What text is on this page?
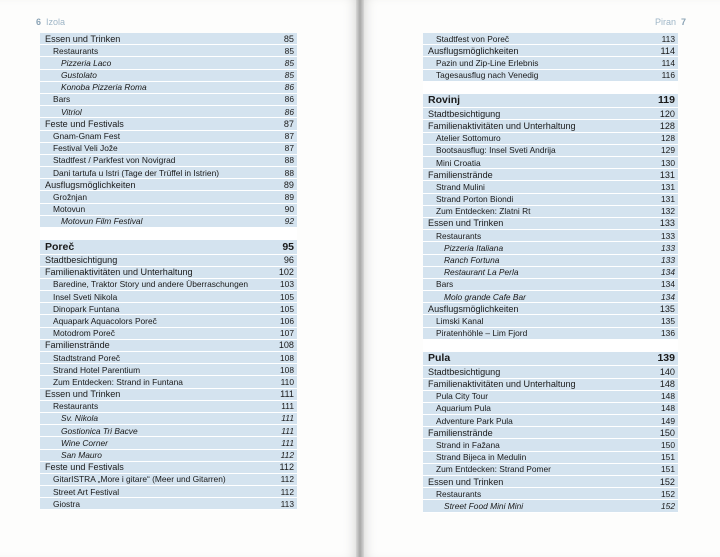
6 Izola	Piran 7
Essen und Trinken	85
Restaurants	85
Pizzeria Laco	85
Gustolato	85
Konoba Pizzeria Roma	86
Bars	86
Vitriol	86
Feste und Festivals	87
Gnam-Gnam Fest	87
Festival Veli Jože	87
Stadtfest / Parkfest von Novigrad	88
Dani tartufa u Istri (Tage der Trüffel in Istrien)	88
Ausflugsmöglichkeiten	89
Grožnjan	89
Motovun	90
Motovun Film Festival	92
Poreč	95
Stadtbesichtigung	96
Familienaktivitäten und Unterhaltung	102
Baredine, Traktor Story und andere Überraschungen	103
Insel Sveti Nikola	105
Dinopark Funtana	105
Aquapark Aquacolors Poreč	106
Motodrom Poreč	107
Familienstrände	108
Stadtstrand Poreč	108
Strand Hotel Parentium	108
Zum Entdecken: Strand in Funtana	110
Essen und Trinken	111
Restaurants	111
Sv. Nikola	111
Gostionica Tri Bacve	111
Wine Corner	111
San Mauro	112
Feste und Festivals	112
GitarISTRA „More i gitare“ (Meer und Gitarren)	112
Street Art Festival	112
Giostra	113
Stadtfest von Poreč	113
Ausflugsmöglichkeiten	114
Pazin und Zip-Line Erlebnis	114
Tagesausflug nach Venedig	116
Rovinj	119
Stadtbesichtigung	120
Familienaktivitäten und Unterhaltung	128
Atelier Sottomuro	128
Bootsausflug: Insel Sveti Andrija	129
Mini Croatia	130
Familienstrände	131
Strand Mulini	131
Strand Porton Biondi	131
Zum Entdecken: Zlatni Rt	132
Essen und Trinken	133
Restaurants	133
Pizzeria Italiana	133
Ranch Fortuna	133
Restaurant La Perla	134
Bars	134
Molo grande Cafe Bar	134
Ausflugsmöglichkeiten	135
Limski Kanal	135
Piratenhöhle – Lim Fjord	136
Pula	139
Stadtbesichtigung	140
Familienaktivitäten und Unterhaltung	148
Pula City Tour	148
Aquarium Pula	148
Adventure Park Pula	149
Familienstrände	150
Strand in Fažana	150
Strand Bijeca in Medulin	151
Zum Entdecken: Strand Pomer	151
Essen und Trinken	152
Restaurants	152
Street Food Mini Mini	152
